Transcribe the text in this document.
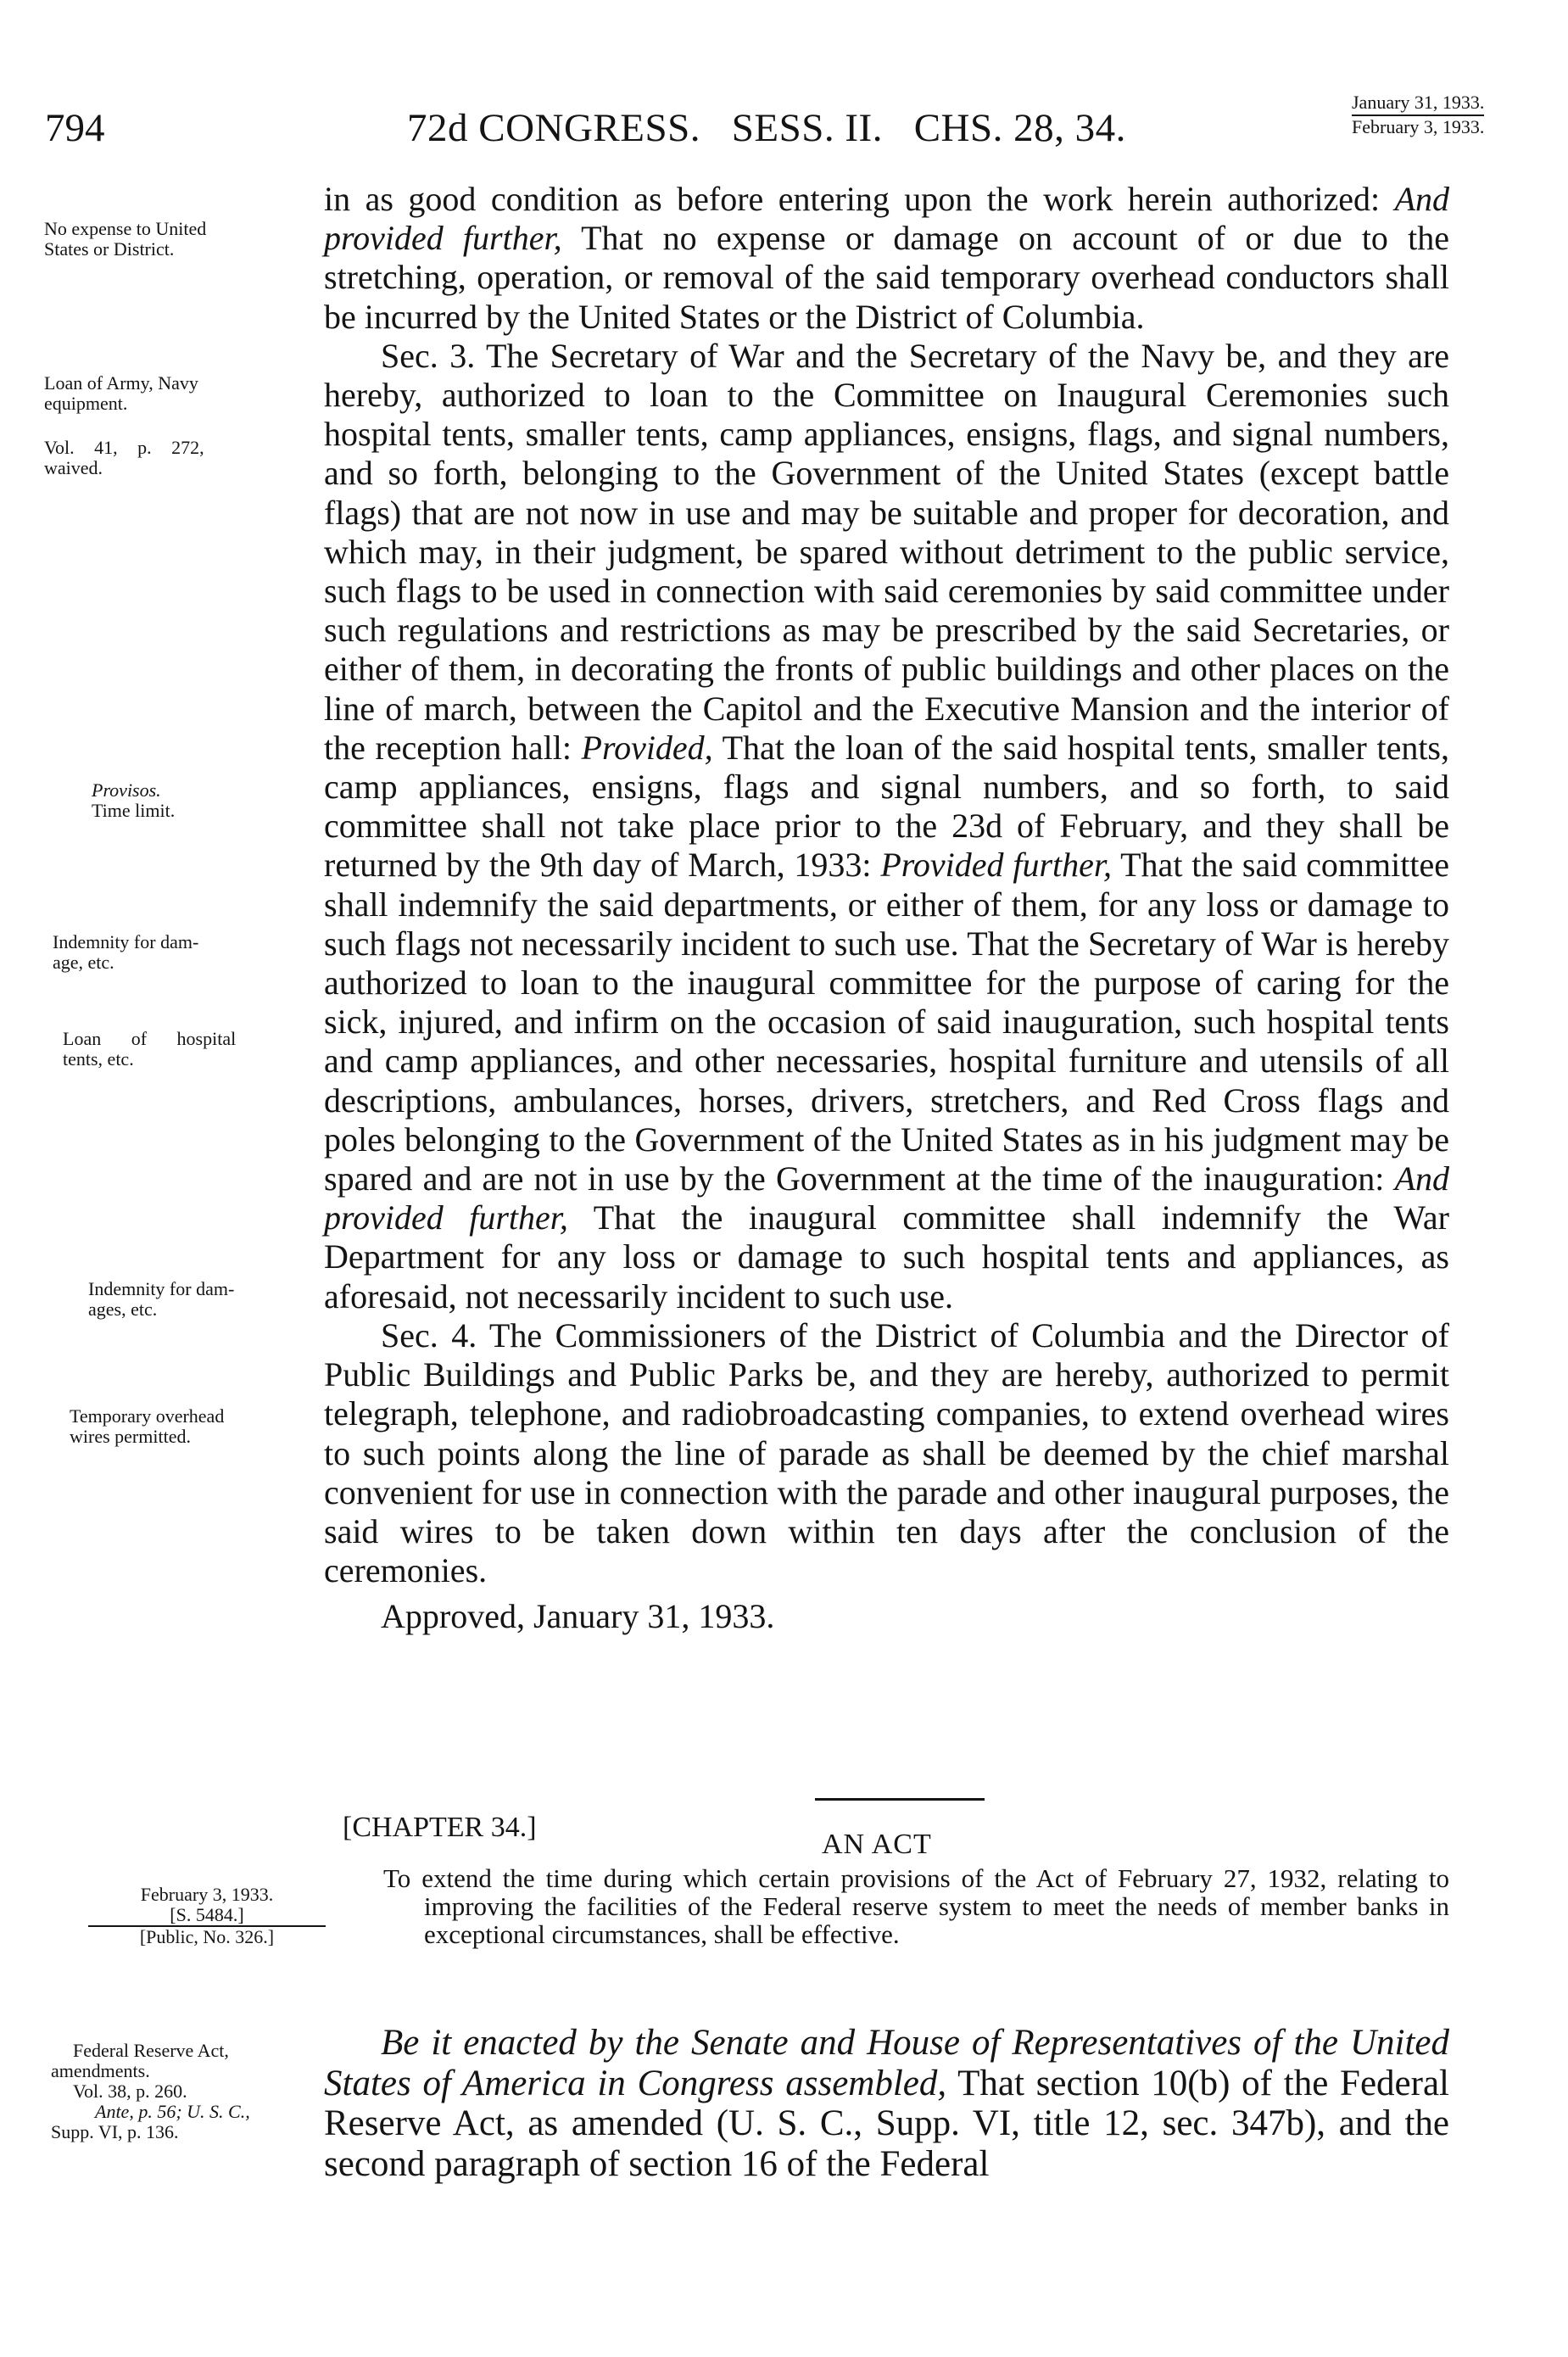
794	72d CONGRESS.   SESS. II.   CHS. 28, 34.
January 31, 1933.
February 3, 1933.
No expense to United
States or District.
Loan of Army, Navy
equipment.
Vol. 41, p. 272,
waived.
Provisos.
Time limit.
Indemnity for dam-
age, etc.
Loan of hospital
tents, etc.
Indemnity for dam-
ages, etc.
Temporary overhead
wires permitted.
February 3, 1933.
[S. 5484.]
[Public, No. 326.]
Federal Reserve Act,
amendments.
Vol. 38, p. 260.
Ante, p. 56; U. S. C.,
Supp. VI, p. 136.

in as good condition as before entering upon the work herein authorized: And provided further, That no expense or damage on account of or due to the stretching, operation, or removal of the said temporary overhead conductors shall be incurred by the United States or the District of Columbia.

Sec. 3. The Secretary of War and the Secretary of the Navy be, and they are hereby, authorized to loan to the Committee on Inaugural Ceremonies such hospital tents, smaller tents, camp appliances, ensigns, flags, and signal numbers, and so forth, belonging to the Government of the United States (except battle flags) that are not now in use and may be suitable and proper for decoration, and which may, in their judgment, be spared without detriment to the public service, such flags to be used in connection with said ceremonies by said committee under such regulations and restrictions as may be prescribed by the said Secretaries, or either of them, in decorating the fronts of public buildings and other places on the line of march, between the Capitol and the Executive Mansion and the interior of the reception hall: Provided, That the loan of the said hospital tents, smaller tents, camp appliances, ensigns, flags and signal numbers, and so forth, to said committee shall not take place prior to the 23d of February, and they shall be returned by the 9th day of March, 1933: Provided further, That the said committee shall indemnify the said departments, or either of them, for any loss or damage to such flags not necessarily incident to such use. That the Secretary of War is hereby authorized to loan to the inaugural committee for the purpose of caring for the sick, injured, and infirm on the occasion of said inauguration, such hospital tents and camp appliances, and other necessaries, hospital furniture and utensils of all descriptions, ambulances, horses, drivers, stretchers, and Red Cross flags and poles belonging to the Government of the United States as in his judgment may be spared and are not in use by the Government at the time of the inauguration: And provided further, That the inaugural committee shall indemnify the War Department for any loss or damage to such hospital tents and appliances, as aforesaid, not necessarily incident to such use.

Sec. 4. The Commissioners of the District of Columbia and the Director of Public Buildings and Public Parks be, and they are hereby, authorized to permit telegraph, telephone, and radiobroadcasting companies, to extend overhead wires to such points along the line of parade as shall be deemed by the chief marshal convenient for use in connection with the parade and other inaugural purposes, the said wires to be taken down within ten days after the conclusion of the ceremonies.

Approved, January 31, 1933.

[CHAPTER 34.]
AN ACT

To extend the time during which certain provisions of the Act of February 27, 1932, relating to improving the facilities of the Federal reserve system to meet the needs of member banks in exceptional circumstances, shall be effective.

Be it enacted by the Senate and House of Representatives of the United States of America in Congress assembled, That section 10(b) of the Federal Reserve Act, as amended (U. S. C., Supp. VI, title 12, sec. 347b), and the second paragraph of section 16 of the Federal
